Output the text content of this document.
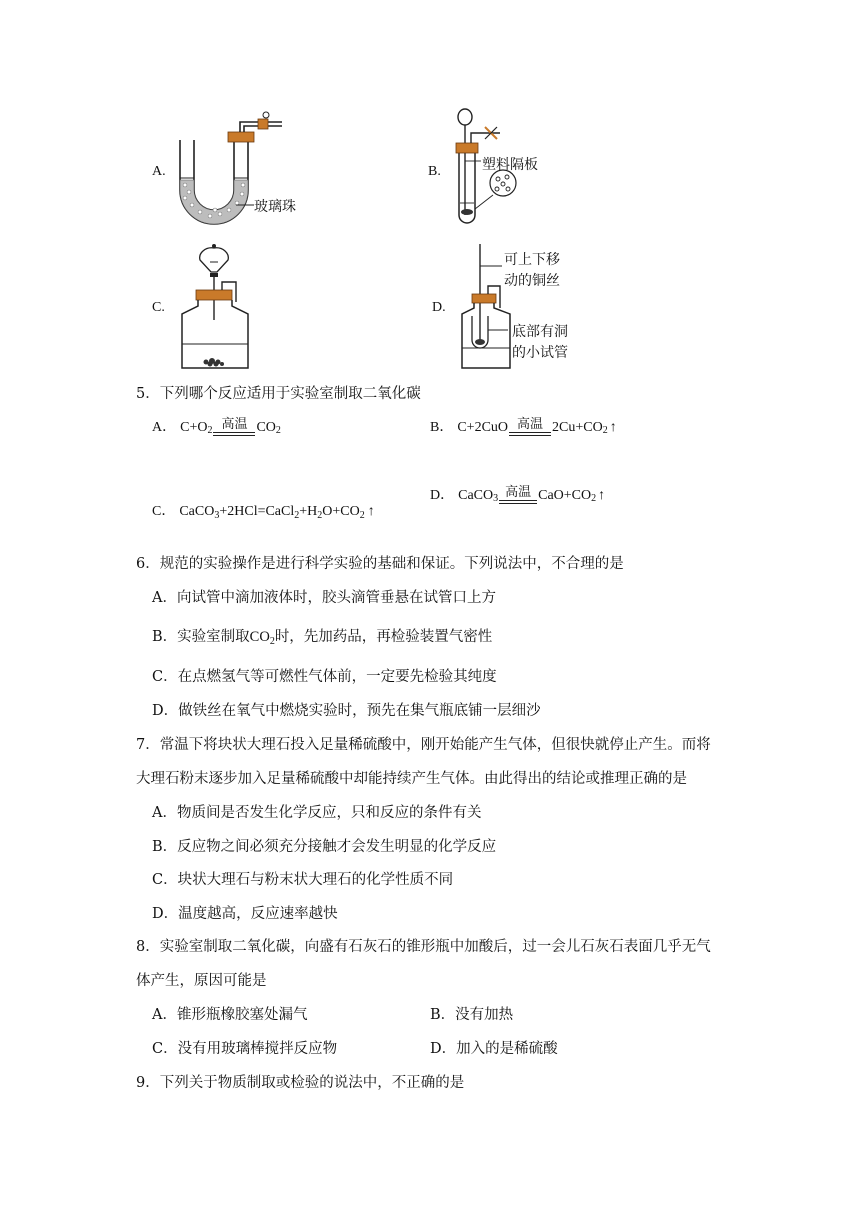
A.
玻璃珠
B.	塑料隔板
C.	D.
可上下移
动的铜丝
底部有洞
的小试管
5．下列哪个反应适用于实验室制取二氧化碳
A． C+O 2 高温 CO 2	B． C+2CuO 高温 2Cu+CO 2 ↑
C． $CaCO_3+2HCl=CaCl_2+H_2O+CO_2$ ↑
D． CaCO 3 高温 CaO+CO 2 ↑
6．规范的实验操作是进行科学实验的基础和保证。下列说法中，不合理的是
A．向试管中滴加液体时，胶头滴管垂悬在试管口上方
B．实验室制取$CO_2$时，先加药品，再检验装置气密性
C．在点燃氢气等可燃性气体前，一定要先检验其纯度
D．做铁丝在氧气中燃烧实验时，预先在集气瓶底铺一层细沙
7．常温下将块状大理石投入足量稀硫酸中，刚开始能产生气体，但很快就停止产生。而将
大理石粉末逐步加入足量稀硫酸中却能持续产生气体。由此得出的结论或推理正确的是
A．物质间是否发生化学反应，只和反应的条件有关
B．反应物之间必须充分接触才会发生明显的化学反应
C．块状大理石与粉末状大理石的化学性质不同
D．温度越高，反应速率越快
8．实验室制取二氧化碳，向盛有石灰石的锥形瓶中加酸后，过一会儿石灰石表面几乎无气
体产生，原因可能是
A．锥形瓶橡胶塞处漏气	B．没有加热
C．没有用玻璃棒搅拌反应物	D．加入的是稀硫酸
9．下列关于物质制取或检验的说法中，不正确的是
